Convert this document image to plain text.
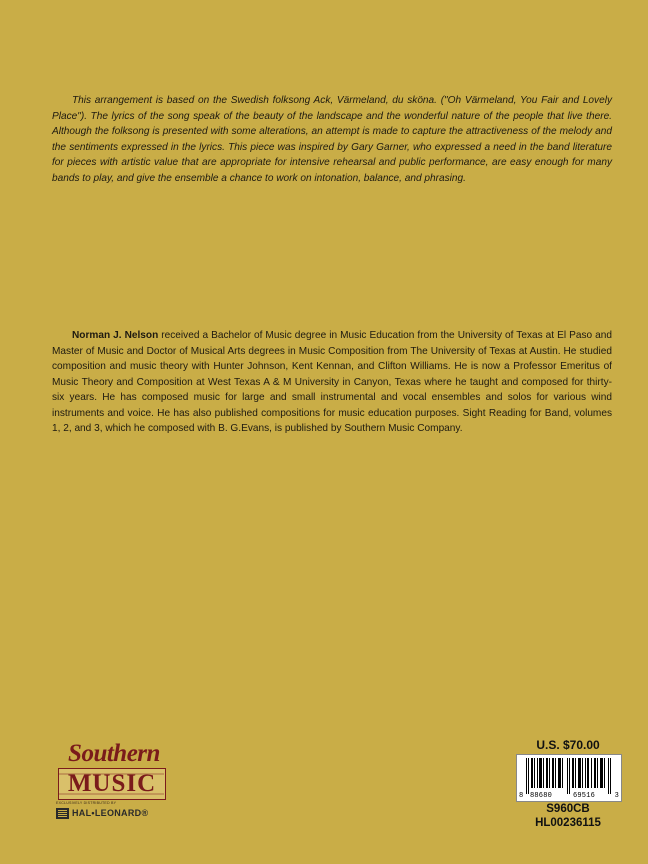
This arrangement is based on the Swedish folksong Ack, Värmeland, du sköna. ("Oh Värmeland, You Fair and Lovely Place"). The lyrics of the song speak of the beauty of the landscape and the wonderful nature of the people that live there. Although the folksong is presented with some alterations, an attempt is made to capture the attractiveness of the melody and the sentiments expressed in the lyrics. This piece was inspired by Gary Garner, who expressed a need in the band literature for pieces with artistic value that are appropriate for intensive rehearsal and public performance, are easy enough for many bands to play, and give the ensemble a chance to work on intonation, balance, and phrasing.

Norman J. Nelson received a Bachelor of Music degree in Music Education from the University of Texas at El Paso and Master of Music and Doctor of Musical Arts degrees in Music Composition from The University of Texas at Austin. He studied composition and music theory with Hunter Johnson, Kent Kennan, and Clifton Williams. He is now a Professor Emeritus of Music Theory and Composition at West Texas A & M University in Canyon, Texas where he taught and composed for thirty-six years. He has composed music for large and small instrumental and vocal ensembles and solos for various wind instruments and voice. He has also published compositions for music education purposes. Sight Reading for Band, volumes 1, 2, and 3, which he composed with B. G.Evans, is published by Southern Music Company.

Southern
MUSIC
EXCLUSIVELY DISTRIBUTED BY
HAL•LEONARD®
U.S. $70.00
8 88680	69516	3
S960CB
HL00236115
